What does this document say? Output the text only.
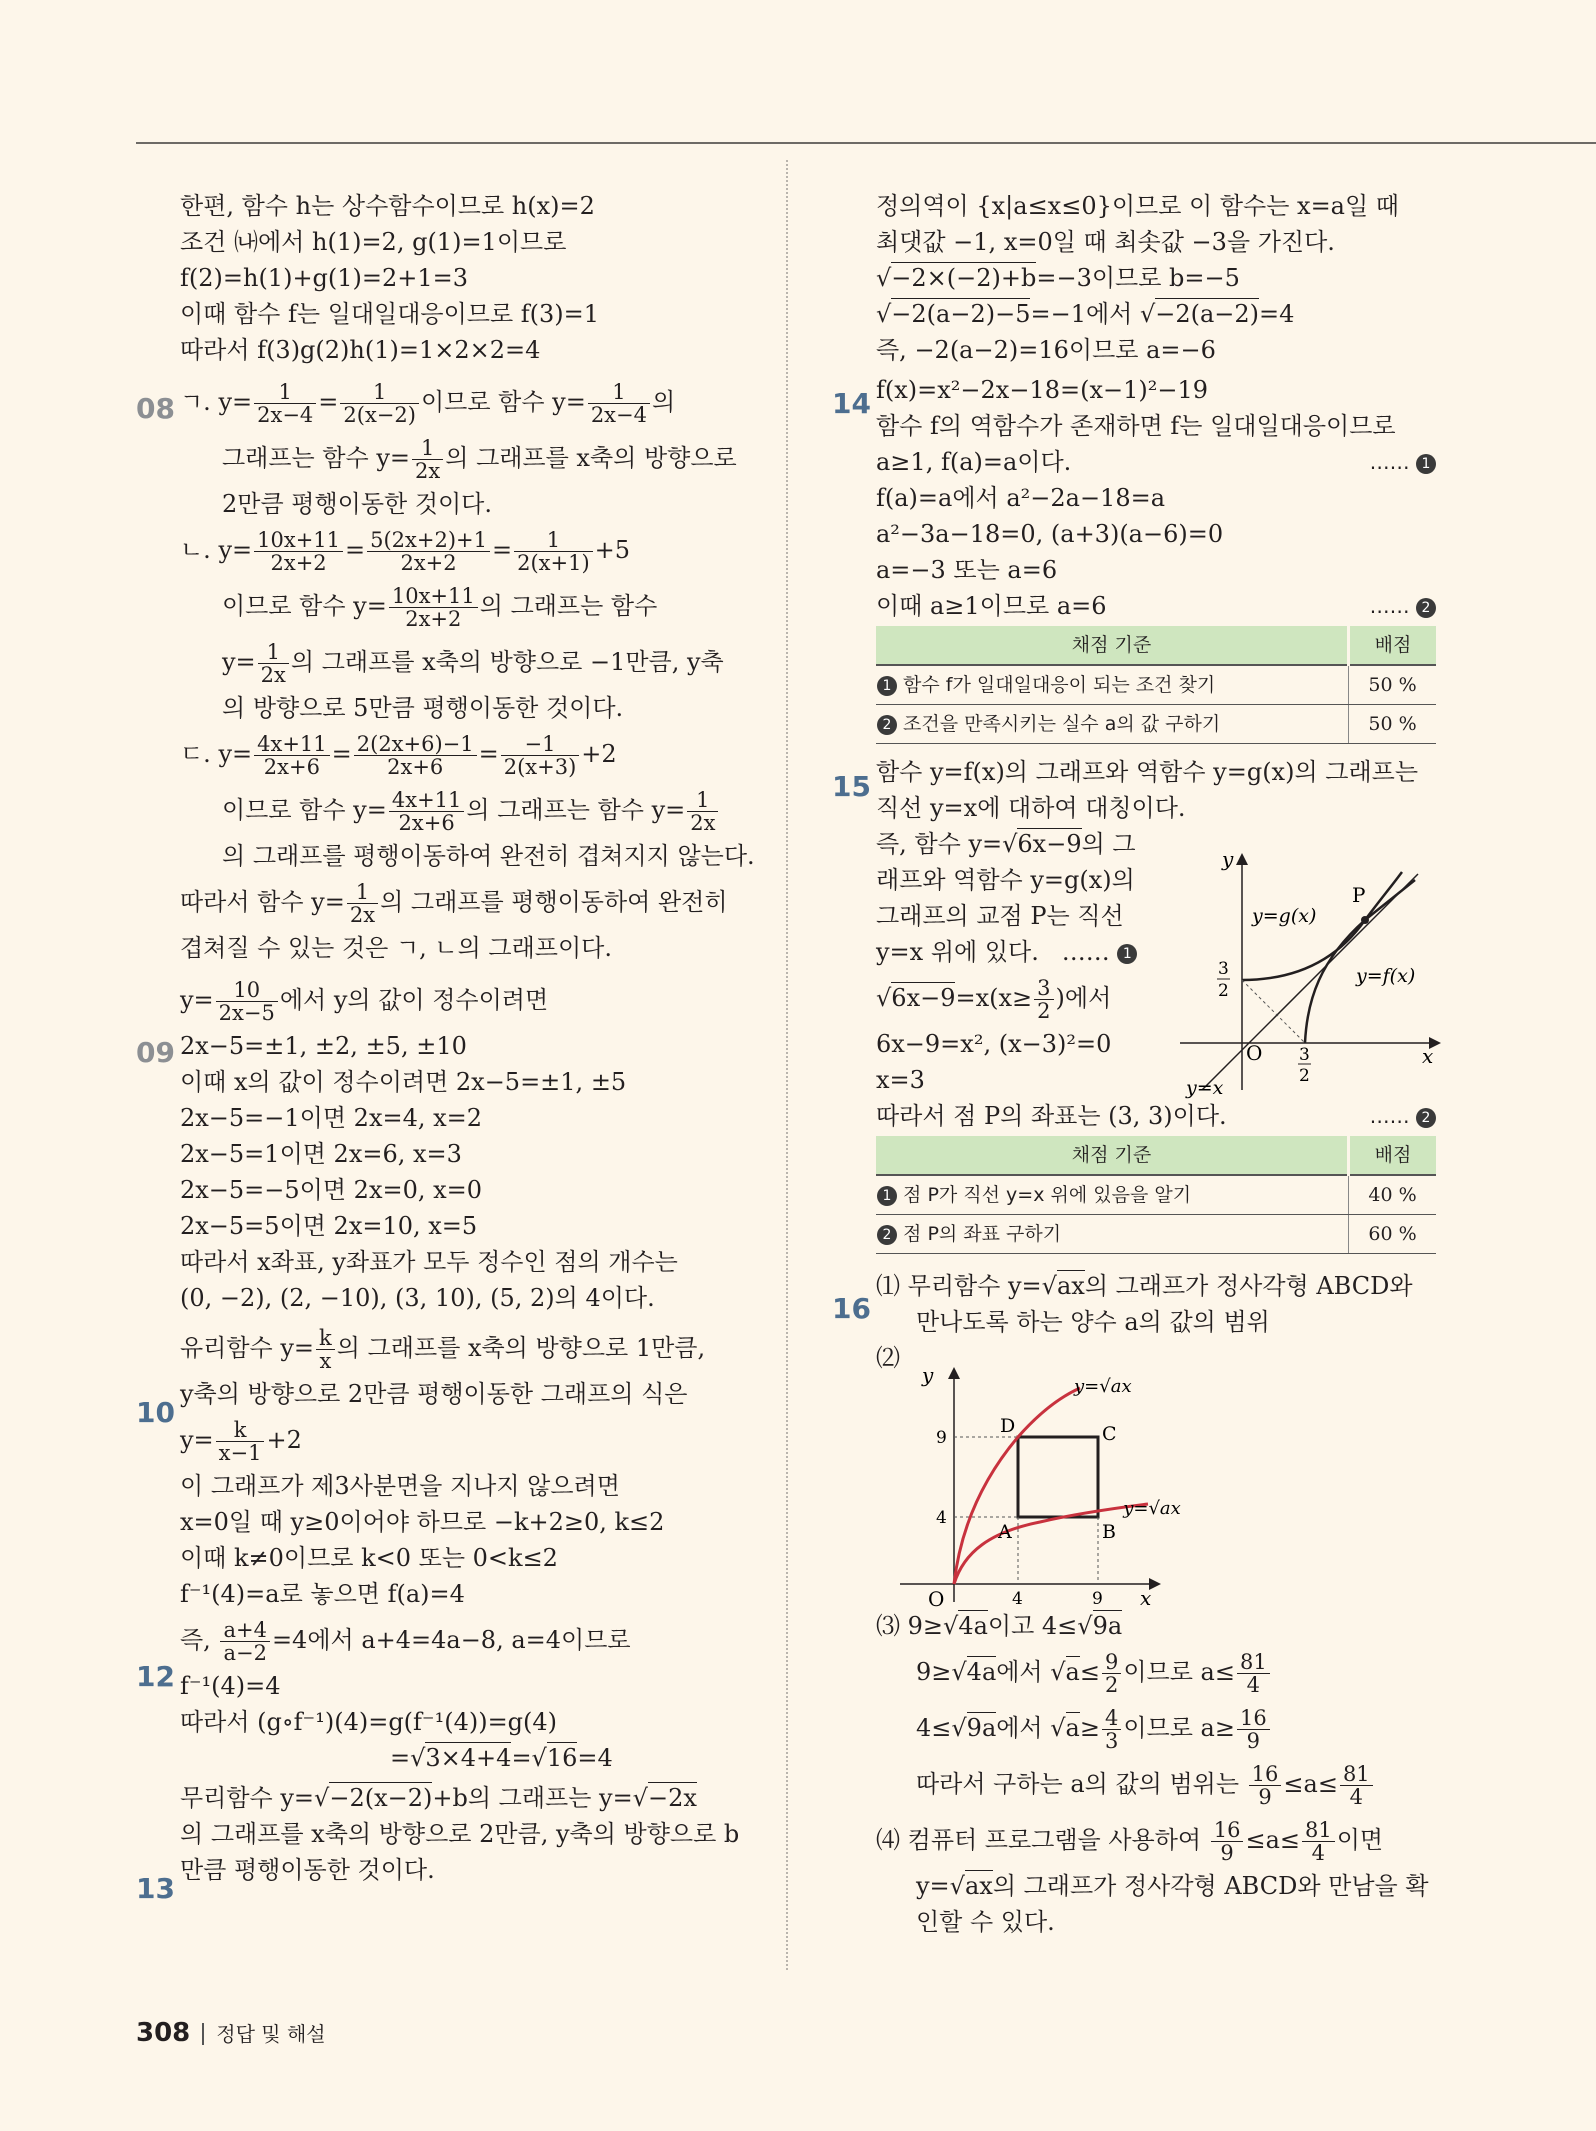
한편, 함수 h는 상수함수이므로 h(x)=2
조건 ㈏에서 h(1)=2, g(1)=1이므로
f(2)=h(1)+g(1)=2+1=3
이때 함수 f는 일대일대응이므로 f(3)=1
따라서 f(3)g(2)h(1)=1×2×2=4
ㄱ. $y= \frac{1}{2x-4} = \frac{1}{2(x-2)}$ 이므로 함수 $y= \frac{1}{2x-4}$ 의
그래프는 함수 $y= \frac{1}{2x}$ 의 그래프를 x축의 방향으로
2만큼 평행이동한 것이다.
ㄴ. $y= \frac{10x+11}{2x+2} = \frac{5(2x+2)+1}{2x+2} = \frac{1}{2(x+1)} +5$
이므로 함수 $y= \frac{10x+11}{2x+2}$ 의 그래프는 함수
$y= \frac{1}{2x}$ 의 그래프를 x축의 방향으로 −1만큼, y축
의 방향으로 5만큼 평행이동한 것이다.
ㄷ. $y= \frac{4x+11}{2x+6} = \frac{2(2x+6)-1}{2x+6} = \frac{-1}{2(x+3)} +2$
이므로 함수 $y= \frac{4x+11}{2x+6}$ 의 그래프는 함수 $y= \frac{1}{2x}$
의 그래프를 평행이동하여 완전히 겹쳐지지 않는다.
따라서 함수 $y= \frac{1}{2x}$ 의 그래프를 평행이동하여 완전히
겹쳐질 수 있는 것은 ㄱ, ㄴ의 그래프이다.
$y= \frac{10}{2x-5}$ 에서 y의 값이 정수이려면
2x−5=±1, ±2, ±5, ±10
이때 x의 값이 정수이려면 2x−5=±1, ±5
2x−5=−1이면 2x=4, x=2
2x−5=1이면 2x=6, x=3
2x−5=−5이면 2x=0, x=0
2x−5=5이면 2x=10, x=5
따라서 x좌표, y좌표가 모두 정수인 점의 개수는
(0, −2), (2, −10), (3, 10), (5, 2)의 4이다.
유리함수 $y= \frac{k}{x}$ 의 그래프를 x축의 방향으로 1만큼,
y축의 방향으로 2만큼 평행이동한 그래프의 식은
$y= \frac{k}{x-1} +2$
이 그래프가 제3사분면을 지나지 않으려면
x=0일 때 y≥0이어야 하므로 −k+2≥0, k≤2
이때 k≠0이므로 k<0 또는 0<k≤2
f⁻¹(4)=a로 놓으면 f(a)=4
즉, $\frac{a+4}{a-2} =4$에서 a+4=4a−8, a=4이므로
f⁻¹(4)=4
따라서 (g∘f⁻¹)(4)=g(f⁻¹(4))=g(4)
=√3×4+4=√16=4
무리함수 y=√−2(x−2)+b의 그래프는 y=√−2x
의 그래프를 x축의 방향으로 2만큼, y축의 방향으로 b
만큼 평행이동한 것이다.
08
09
10
12
13
정의역이 {x|a≤x≤0}이므로 이 함수는 x=a일 때
최댓값 −1, x=0일 때 최솟값 −3을 가진다.
√−2×(−2)+b=−3이므로 b=−5
√−2(a−2)−5=−1에서 √−2(a−2)=4
즉, −2(a−2)=16이므로 a=−6
f(x)=x²−2x−18=(x−1)²−19
함수 f의 역함수가 존재하면 f는 일대일대응이므로
a≥1, f(a)=a이다.	…… 1
f(a)=a에서 a²−2a−18=a
a²−3a−18=0, (a+3)(a−6)=0
a=−3 또는 a=6
이때 a≥1이므로 a=6	…… 2
채점 기준	배점
1 함수 f가 일대일대응이 되는 조건 찾기	50 %
2 조건을 만족시키는 실수 a의 값 구하기	50 %
함수 y=f(x)의 그래프와 역함수 y=g(x)의 그래프는
직선 y=x에 대하여 대칭이다.
즉, 함수 y=√6x−9의 그
래프와 역함수 y=g(x)의
그래프의 교점 P는 직선
y=x 위에 있다. …… 1
$√6x-9=x(x\ge \frac{3}{2}$ )에서
6x−9=x², (x−3)²=0
x=3
따라서 점 P의 좌표는 (3, 3)이다.	…… 2
채점 기준	배점
1 점 P가 직선 y=x 위에 있음을 알기	40 %
2 점 P의 좌표 구하기	60 %
⑴ 무리함수 y=√ax의 그래프가 정사각형 ABCD와
만나도록 하는 양수 a의 값의 범위
⑵
⑶ 9≥√4a이고 4≤√9a
9≥√4a에서 $√a\le \frac{9}{2}$ 이므로 $a\le \frac{81}{4}$
4≤√9a에서 $√a\ge \frac{4}{3}$ 이므로 $a\ge \frac{16}{9}$
따라서 구하는 a의 값의 범위는 $\frac{16}{9} \le a\le \frac{81}{4}$
⑷ 컴퓨터 프로그램을 사용하여 $\frac{16}{9} \le a\le \frac{81}{4}$ 이면
y=√ax의 그래프가 정사각형 ABCD와 만남을 확
인할 수 있다.
14
15
16
y
x
O
P
y=g(x)
y=f(x)
y=x
3
2
3
2
y
x
O
9
4
4	9
A	B
C
D
y=√ax
y=√ax
308 정답 및 해설
